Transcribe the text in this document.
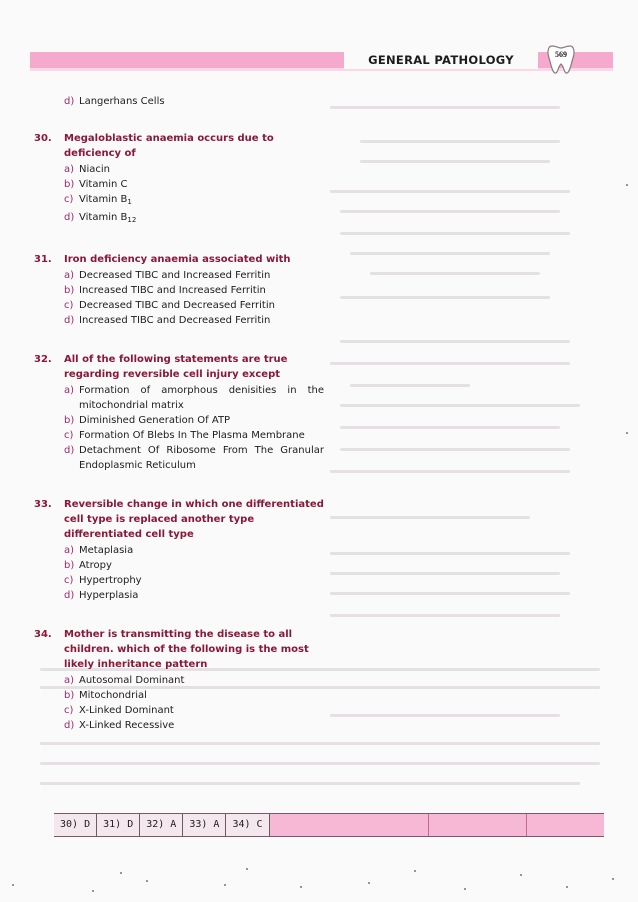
GENERAL PATHOLOGY	569

d) Langerhans Cells

30.	Megaloblastic anaemia occurs due to deficiency of

a) Niacin

b) Vitamin C

c) Vitamin $B_1$

d) Vitamin $B_{12}$

31.	Iron deficiency anaemia associated with

a) Decreased TIBC and Increased Ferritin

b) Increased TIBC and Increased Ferritin

c) Decreased TIBC and Decreased Ferritin

d) Increased TIBC and Decreased Ferritin

32.	All of the following statements are true regarding reversible cell injury except

a) Formation of amorphous denisities in the mitochondrial matrix

b) Diminished Generation Of ATP

c) Formation Of Blebs In The Plasma Membrane

d) Detachment Of Ribosome From The Granular Endoplasmic Reticulum

33.	Reversible change in which one differentiated cell type is replaced another type differentiated cell type

a) Metaplasia

b) Atropy

c) Hypertrophy

d) Hyperplasia

34.	Mother is transmitting the disease to all children. which of the following is the most likely inheritance pattern

a) Autosomal Dominant

b) Mitochondrial

c) X-Linked Dominant

d) X-Linked Recessive

30) D	31) D	32) A	33) A	34) C
